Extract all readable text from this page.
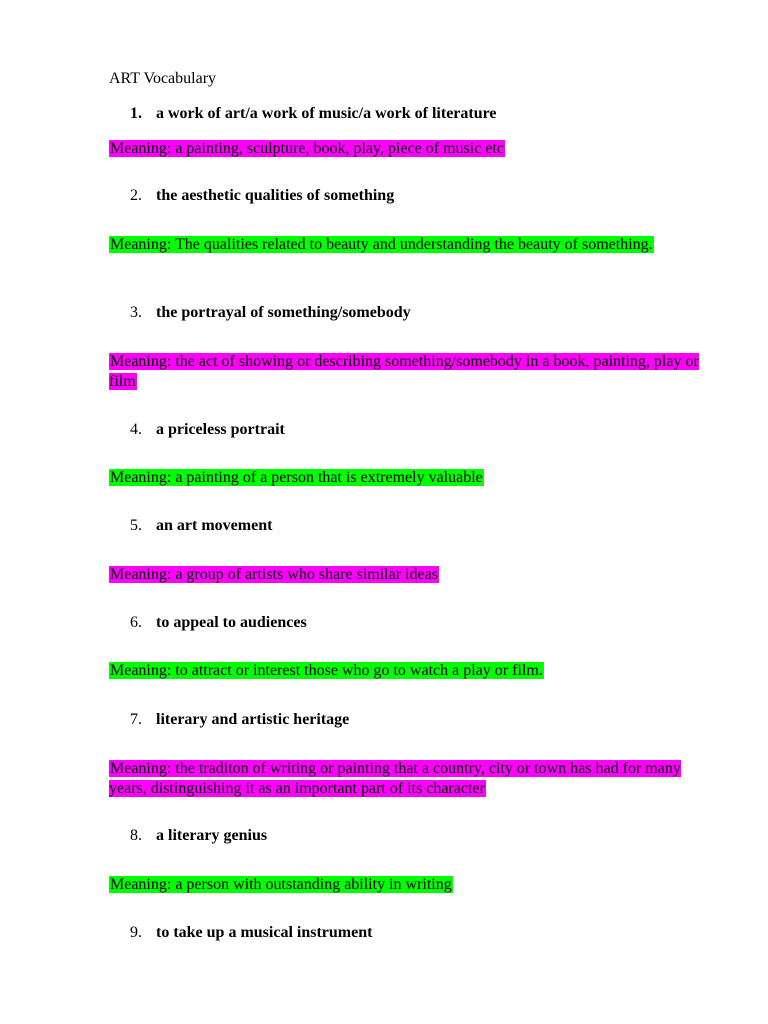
ART Vocabulary
1. a work of art/a work of music/a work of literature
Meaning: a painting, sculpture, book, play, piece of music etc
2. the aesthetic qualities of something
Meaning: The qualities related to beauty and understanding the beauty of something.
3. the portrayal of something/somebody
Meaning: the act of showing or describing something/somebody in a book, painting, play or film
4. a priceless portrait
Meaning: a painting of a person that is extremely valuable
5. an art movement
Meaning: a group of artists who share similar ideas
6. to appeal to audiences
Meaning: to attract or interest those who go to watch a play or film.
7. literary and artistic heritage
Meaning: the traditon of writing or painting that a country, city or town has had for many years, distinguishing it as an important part of its character
8. a literary genius
Meaning: a person with outstanding ability in writing
9. to take up a musical instrument
